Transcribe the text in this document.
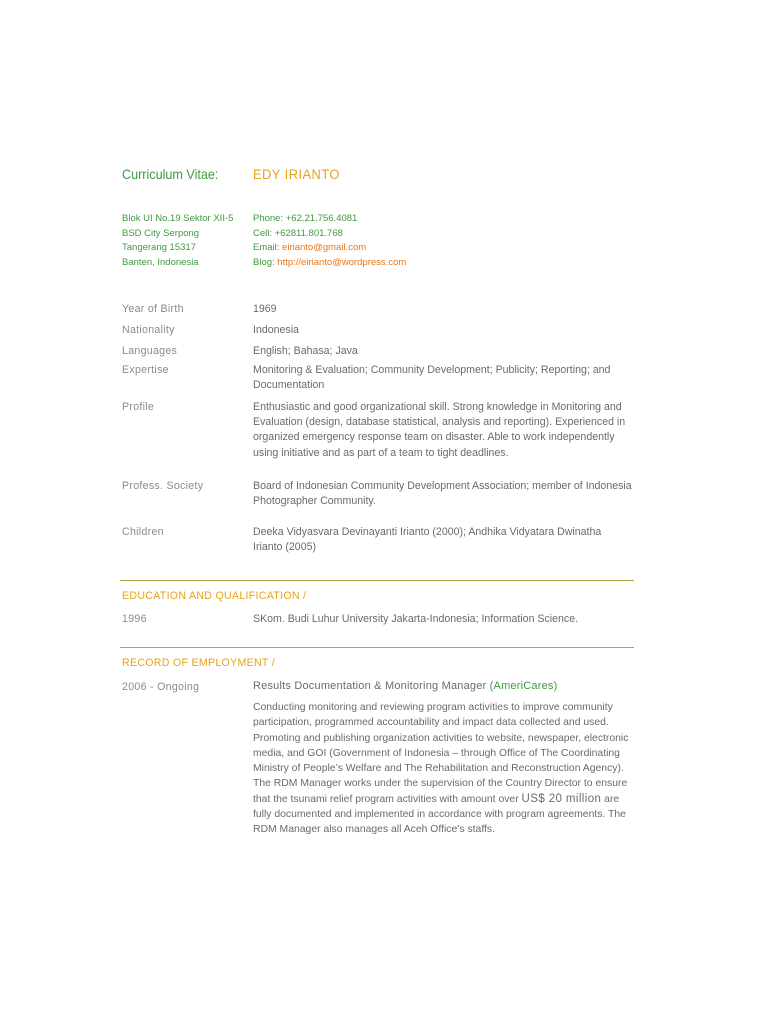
Curriculum Vitae: EDY IRIANTO
Blok UI No.19 Sektor XII-5
BSD City Serpong
Tangerang 15317
Banten, Indonesia
Phone: +62.21.756.4081
Cell: +62811.801.768
Email: eirianto@gmail.com
Blog: http://eirianto@wordpress.com
Year of Birth	1969
Nationality	Indonesia
Languages	English; Bahasa; Java
Expertise	Monitoring & Evaluation; Community Development; Publicity; Reporting; and Documentation
Profile	Enthusiastic and good organizational skill. Strong knowledge in Monitoring and Evaluation (design, database statistical, analysis and reporting). Experienced in organized emergency response team on disaster. Able to work independently using initiative and as part of a team to tight deadlines.
Profess. Society	Board of Indonesian Community Development Association; member of Indonesia Photographer Community.
Children	Deeka Vidyasvara Devinayanti Irianto (2000); Andhika Vidyatara Dwinatha Irianto (2005)
EDUCATION AND QUALIFICATION /
1996	SKom. Budi Luhur University Jakarta-Indonesia; Information Science.
RECORD OF EMPLOYMENT /
2006 - Ongoing	Results Documentation & Monitoring Manager (AmeriCares)
Conducting monitoring and reviewing program activities to improve community participation, programmed accountability and impact data collected and used. Promoting and publishing organization activities to website, newspaper, electronic media, and GOI (Government of Indonesia – through Office of The Coordinating Ministry of People’s Welfare and The Rehabilitation and Reconstruction Agency). The RDM Manager works under the supervision of the Country Director to ensure that the tsunami relief program activities with amount over US$ 20 million are fully documented and implemented in accordance with program agreements. The RDM Manager also manages all Aceh Office’s staffs.
